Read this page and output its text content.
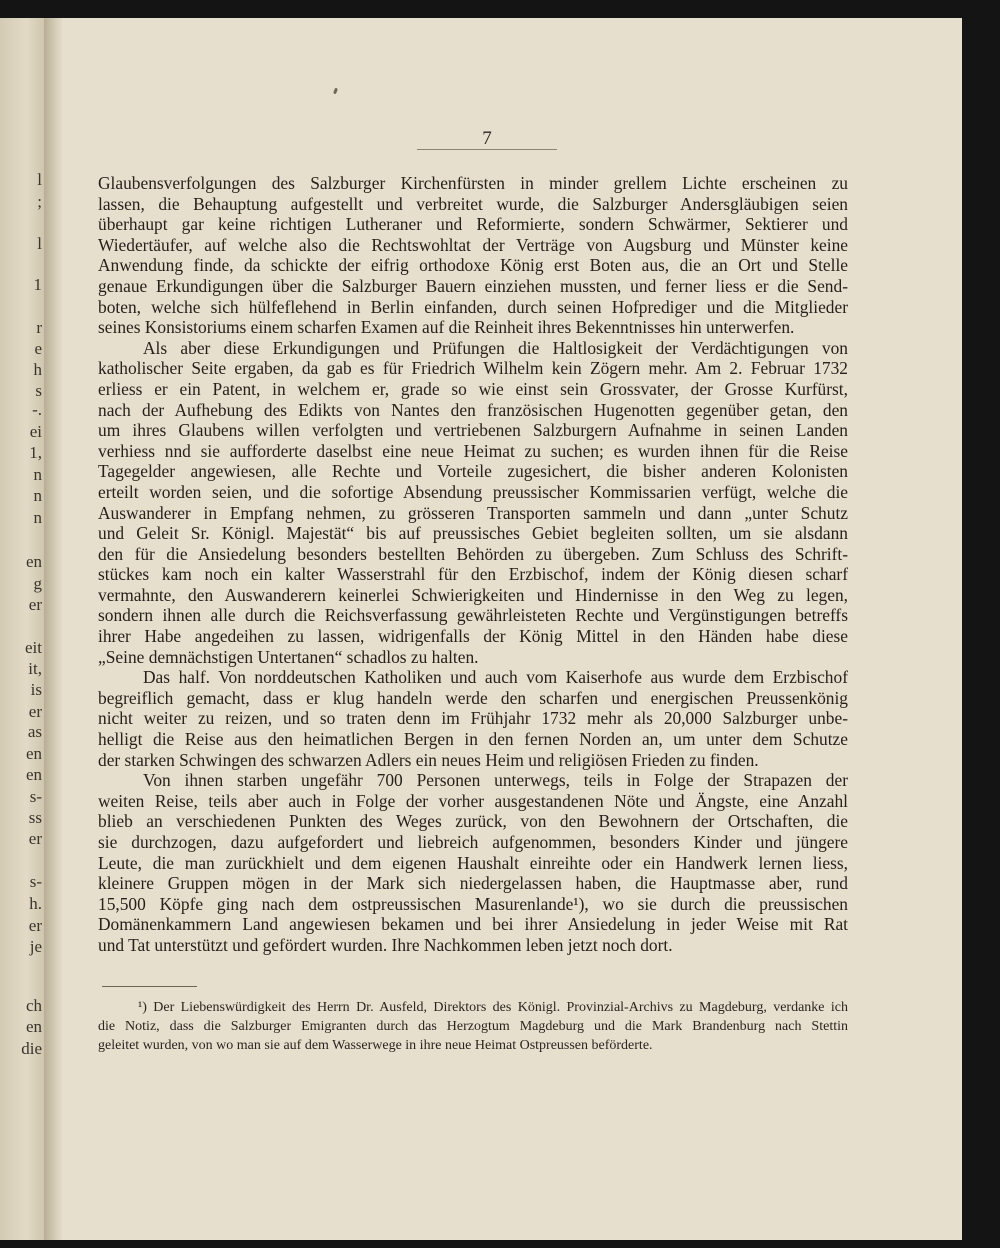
l
;
l
1
r
e
h
s
-.
ei
1,
n
n
n
en
g
er
eit
it,
is
er
as
en
en
s-
ss
er
s-
h.
er
je
ch
en
die
7
Glaubensverfolgungen des Salzburger Kirchenfürsten in minder grellem Lichte erscheinen zu
lassen, die Behauptung aufgestellt und verbreitet wurde, die Salzburger Andersgläubigen seien
überhaupt gar keine richtigen Lutheraner und Reformierte, sondern Schwärmer, Sektierer und
Wiedertäufer, auf welche also die Rechtswohltat der Verträge von Augsburg und Münster keine
Anwendung finde, da schickte der eifrig orthodoxe König erst Boten aus, die an Ort und Stelle
genaue Erkundigungen über die Salzburger Bauern einziehen mussten, und ferner liess er die Send-
boten, welche sich hülfeflehend in Berlin einfanden, durch seinen Hofprediger und die Mitglieder
seines Konsistoriums einem scharfen Examen auf die Reinheit ihres Bekenntnisses hin unterwerfen.
Als aber diese Erkundigungen und Prüfungen die Haltlosigkeit der Verdächtigungen von
katholischer Seite ergaben, da gab es für Friedrich Wilhelm kein Zögern mehr. Am 2. Februar 1732
erliess er ein Patent, in welchem er, grade so wie einst sein Grossvater, der Grosse Kurfürst,
nach der Aufhebung des Edikts von Nantes den französischen Hugenotten gegenüber getan, den
um ihres Glaubens willen verfolgten und vertriebenen Salzburgern Aufnahme in seinen Landen
verhiess nnd sie aufforderte daselbst eine neue Heimat zu suchen; es wurden ihnen für die Reise
Tagegelder angewiesen, alle Rechte und Vorteile zugesichert, die bisher anderen Kolonisten
erteilt worden seien, und die sofortige Absendung preussischer Kommissarien verfügt, welche die
Auswanderer in Empfang nehmen, zu grösseren Transporten sammeln und dann „unter Schutz
und Geleit Sr. Königl. Majestät“ bis auf preussisches Gebiet begleiten sollten, um sie alsdann
den für die Ansiedelung besonders bestellten Behörden zu übergeben. Zum Schluss des Schrift-
stückes kam noch ein kalter Wasserstrahl für den Erzbischof, indem der König diesen scharf
vermahnte, den Auswanderern keinerlei Schwierigkeiten und Hindernisse in den Weg zu legen,
sondern ihnen alle durch die Reichsverfassung gewährleisteten Rechte und Vergünstigungen betreffs
ihrer Habe angedeihen zu lassen, widrigenfalls der König Mittel in den Händen habe diese
„Seine demnächstigen Untertanen“ schadlos zu halten.
Das half. Von norddeutschen Katholiken und auch vom Kaiserhofe aus wurde dem Erzbischof
begreiflich gemacht, dass er klug handeln werde den scharfen und energischen Preussenkönig
nicht weiter zu reizen, und so traten denn im Frühjahr 1732 mehr als 20,000 Salzburger unbe-
helligt die Reise aus den heimatlichen Bergen in den fernen Norden an, um unter dem Schutze
der starken Schwingen des schwarzen Adlers ein neues Heim und religiösen Frieden zu finden.
Von ihnen starben ungefähr 700 Personen unterwegs, teils in Folge der Strapazen der
weiten Reise, teils aber auch in Folge der vorher ausgestandenen Nöte und Ängste, eine Anzahl
blieb an verschiedenen Punkten des Weges zurück, von den Bewohnern der Ortschaften, die
sie durchzogen, dazu aufgefordert und liebreich aufgenommen, besonders Kinder und jüngere
Leute, die man zurückhielt und dem eigenen Haushalt einreihte oder ein Handwerk lernen liess,
kleinere Gruppen mögen in der Mark sich niedergelassen haben, die Hauptmasse aber, rund
15,500 Köpfe ging nach dem ostpreussischen Masurenlande¹), wo sie durch die preussischen
Domänenkammern Land angewiesen bekamen und bei ihrer Ansiedelung in jeder Weise mit Rat
und Tat unterstützt und gefördert wurden. Ihre Nachkommen leben jetzt noch dort.
¹) Der Liebenswürdigkeit des Herrn Dr. Ausfeld, Direktors des Königl. Provinzial-Archivs zu Magdeburg, verdanke ich
die Notiz, dass die Salzburger Emigranten durch das Herzogtum Magdeburg und die Mark Brandenburg nach Stettin
geleitet wurden, von wo man sie auf dem Wasserwege in ihre neue Heimat Ostpreussen beförderte.
